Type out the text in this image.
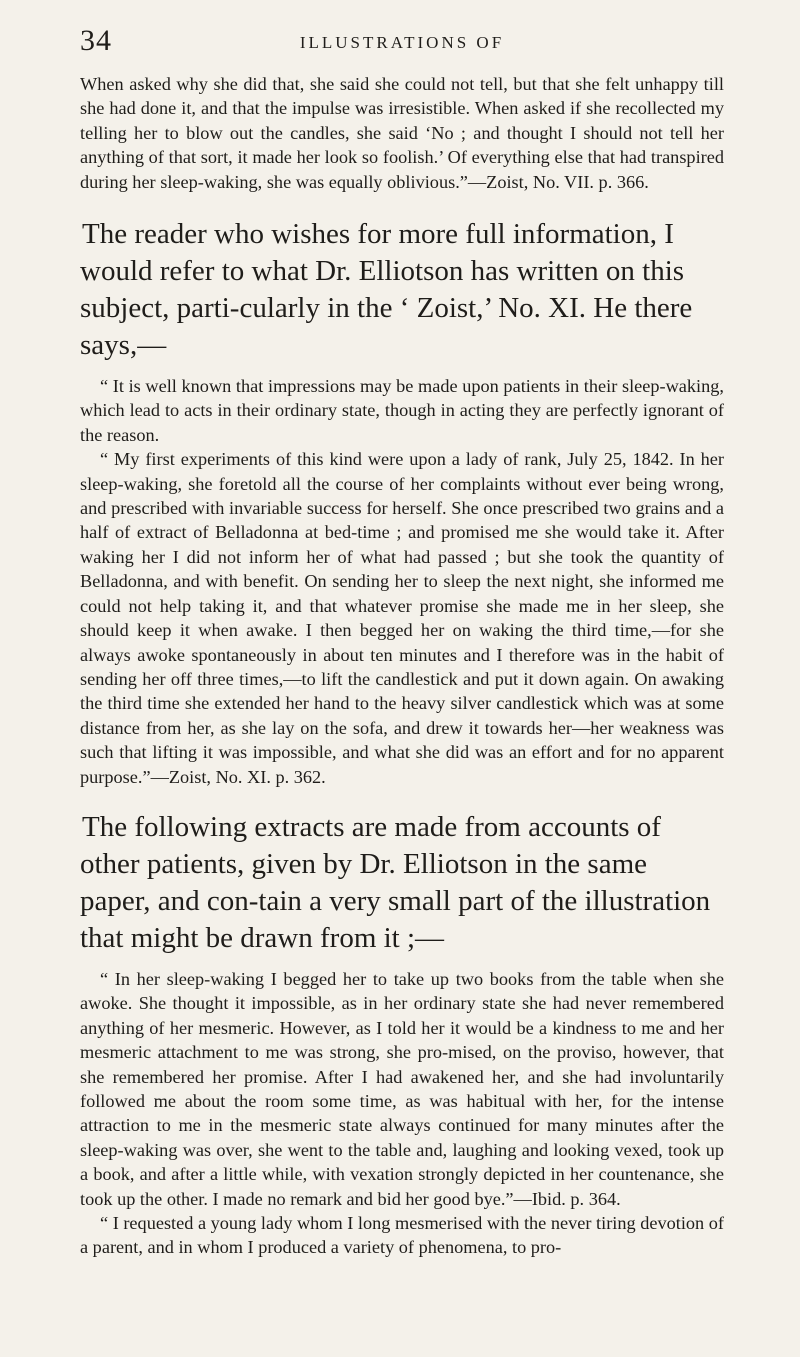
34	ILLUSTRATIONS OF

When asked why she did that, she said she could not tell, but that she felt unhappy till she had done it, and that the impulse was irresistible. When asked if she recollected my telling her to blow out the candles, she said ‘No ; and thought I should not tell her anything of that sort, it made her look so foolish.’ Of everything else that had transpired during her sleep-waking, she was equally oblivious.”—Zoist, No. VII. p. 366.

The reader who wishes for more full information, I would refer to what Dr. Elliotson has written on this subject, parti-cularly in the ‘ Zoist,’ No. XI. He there says,—

“ It is well known that impressions may be made upon patients in their sleep-waking, which lead to acts in their ordinary state, though in acting they are perfectly ignorant of the reason.

“ My first experiments of this kind were upon a lady of rank, July 25, 1842. In her sleep-waking, she foretold all the course of her complaints without ever being wrong, and prescribed with invariable success for herself. She once prescribed two grains and a half of extract of Belladonna at bed-time ; and promised me she would take it. After waking her I did not inform her of what had passed ; but she took the quantity of Belladonna, and with benefit. On sending her to sleep the next night, she informed me could not help taking it, and that whatever promise she made me in her sleep, she should keep it when awake. I then begged her on waking the third time,—for she always awoke spontaneously in about ten minutes and I therefore was in the habit of sending her off three times,—to lift the candlestick and put it down again. On awaking the third time she extended her hand to the heavy silver candlestick which was at some distance from her, as she lay on the sofa, and drew it towards her—her weakness was such that lifting it was impossible, and what she did was an effort and for no apparent purpose.”—Zoist, No. XI. p. 362.

The following extracts are made from accounts of other patients, given by Dr. Elliotson in the same paper, and con-tain a very small part of the illustration that might be drawn from it ;—

“ In her sleep-waking I begged her to take up two books from the table when she awoke. She thought it impossible, as in her ordinary state she had never remembered anything of her mesmeric. However, as I told her it would be a kindness to me and her mesmeric attachment to me was strong, she pro-mised, on the proviso, however, that she remembered her promise. After I had awakened her, and she had involuntarily followed me about the room some time, as was habitual with her, for the intense attraction to me in the mesmeric state always continued for many minutes after the sleep-waking was over, she went to the table and, laughing and looking vexed, took up a book, and after a little while, with vexation strongly depicted in her countenance, she took up the other. I made no remark and bid her good bye.”—Ibid. p. 364.

“ I requested a young lady whom I long mesmerised with the never tiring devotion of a parent, and in whom I produced a variety of phenomena, to pro-
